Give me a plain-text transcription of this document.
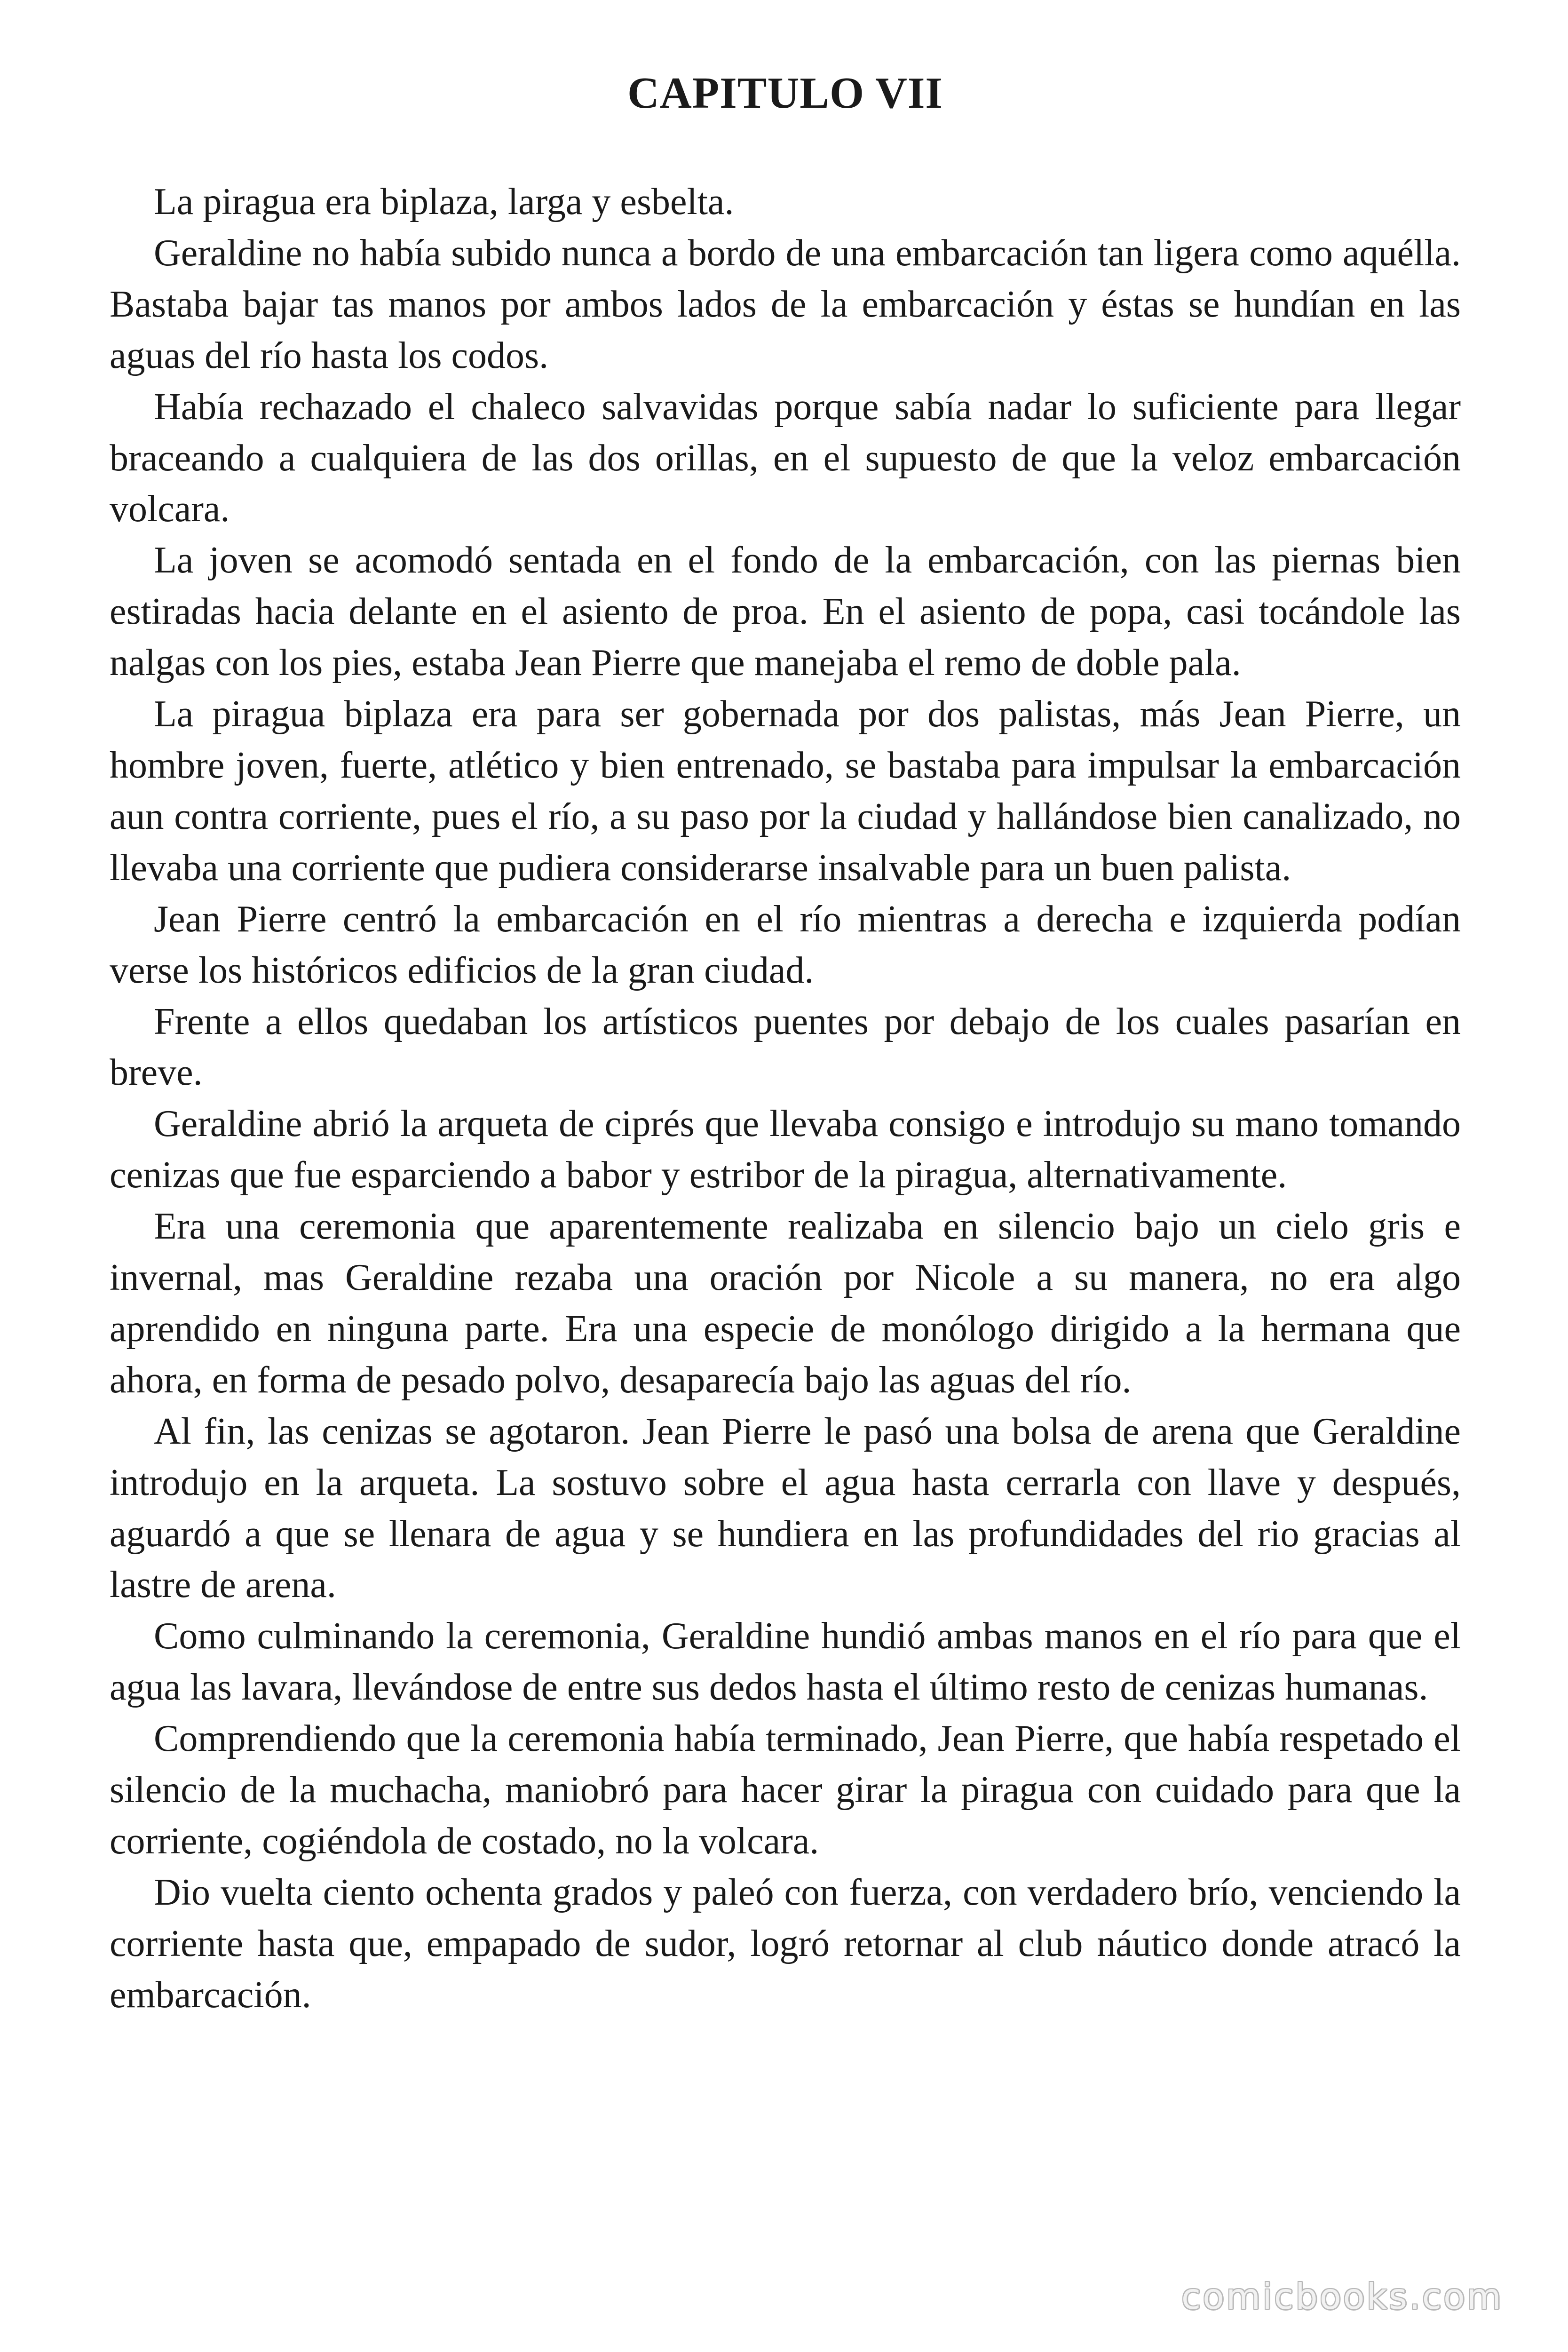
CAPITULO VII

La piragua era biplaza, larga y esbelta.

Geraldine no había subido nunca a bordo de una embarcación tan ligera como aquélla. Bastaba bajar tas manos por ambos lados de la embarcación y éstas se hundían en las aguas del río hasta los codos.

Había rechazado el chaleco salvavidas porque sabía nadar lo suficiente para llegar braceando a cualquiera de las dos orillas, en el supuesto de que la veloz embarcación volcara.

La joven se acomodó sentada en el fondo de la embarcación, con las piernas bien estiradas hacia delante en el asiento de proa. En el asiento de popa, casi tocándole las nalgas con los pies, estaba Jean Pierre que manejaba el remo de doble pala.

La piragua biplaza era para ser gobernada por dos palistas, más Jean Pierre, un hombre joven, fuerte, atlético y bien entrenado, se bastaba para impulsar la embarcación aun contra corriente, pues el río, a su paso por la ciudad y hallándose bien canalizado, no llevaba una corriente que pudiera considerarse insalvable para un buen palista.

Jean Pierre centró la embarcación en el río mientras a derecha e izquierda podían verse los históricos edificios de la gran ciudad.

Frente a ellos quedaban los artísticos puentes por debajo de los cuales pasarían en breve.

Geraldine abrió la arqueta de ciprés que llevaba consigo e introdujo su mano tomando cenizas que fue esparciendo a babor y estribor de la piragua, alternativamente.

Era una ceremonia que aparentemente realizaba en silencio bajo un cielo gris e invernal, mas Geraldine rezaba una oración por Nicole a su manera, no era algo aprendido en ninguna parte. Era una especie de monólogo dirigido a la hermana que ahora, en forma de pesado polvo, desaparecía bajo las aguas del río.

Al fin, las cenizas se agotaron. Jean Pierre le pasó una bolsa de arena que Geraldine introdujo en la arqueta. La sostuvo sobre el agua hasta cerrarla con llave y después, aguardó a que se llenara de agua y se hundiera en las profundidades del rio gracias al lastre de arena.

Como culminando la ceremonia, Geraldine hundió ambas manos en el río para que el agua las lavara, llevándose de entre sus dedos hasta el último resto de cenizas humanas.

Comprendiendo que la ceremonia había terminado, Jean Pierre, que había respetado el silencio de la muchacha, maniobró para hacer girar la piragua con cuidado para que la corriente, cogiéndola de costado, no la volcara.

Dio vuelta ciento ochenta grados y paleó con fuerza, con verdadero brío, venciendo la corriente hasta que, empapado de sudor, logró retornar al club náutico donde atracó la embarcación.

comicbooks.com
